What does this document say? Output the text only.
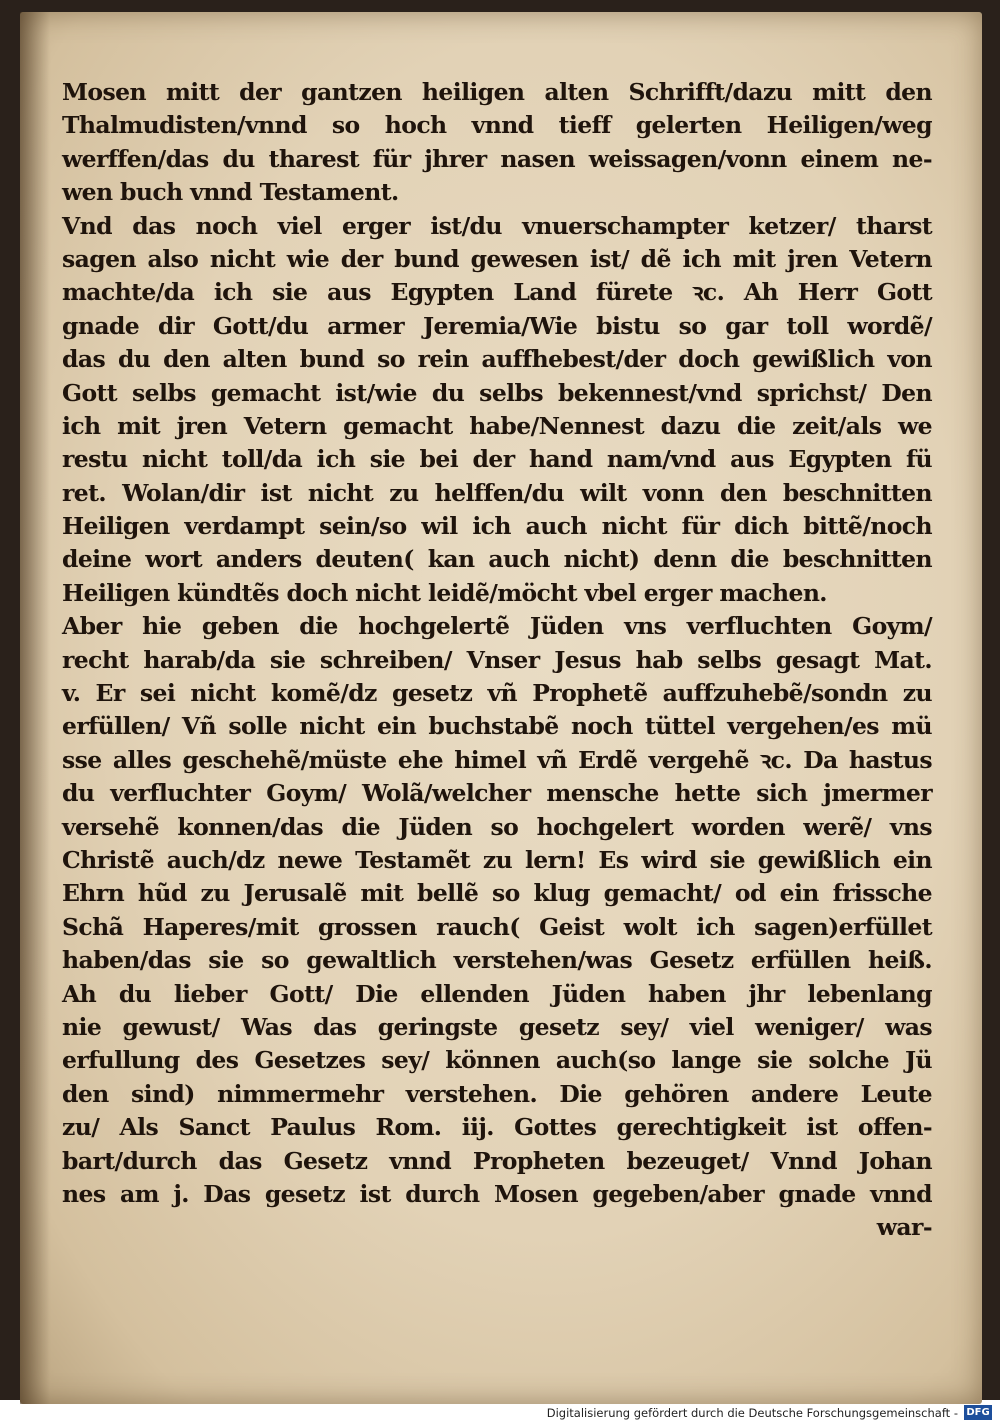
Mosen mitt der gantzen heiligen alten Schrifft/dazu mitt den
Thalmudisten/vnnd so hoch vnnd tieff gelerten Heiligen/weg
werffen/das du tharest für jhrer nasen weissagen/vonn einem ne-
wen buch vnnd Testament.
Vnd das noch viel erger ist/du vnuerschampter ketzer/ tharst
sagen also nicht wie der bund gewesen ist/ dẽ ich mit jren Vetern
machte/da ich sie aus Egypten Land fürete ꝛc. Ah Herr Gott
gnade dir Gott/du armer Jeremia/Wie bistu so gar toll wordẽ/
das du den alten bund so rein auffhebest/der doch gewißlich von
Gott selbs gemacht ist/wie du selbs bekennest/vnd sprichst/ Den
ich mit jren Vetern gemacht habe/Nennest dazu die zeit/als we
restu nicht toll/da ich sie bei der hand nam/vnd aus Egypten fü
ret. Wolan/dir ist nicht zu helffen/du wilt vonn den beschnitten
Heiligen verdampt sein/so wil ich auch nicht für dich bittẽ/noch
deine wort anders deuten( kan auch nicht) denn die beschnitten
Heiligen kündtẽs doch nicht leidẽ/möcht vbel erger machen.
Aber hie geben die hochgelertẽ Jüden vns verfluchten Goym/
recht harab/da sie schreiben/ Vnser Jesus hab selbs gesagt Mat.
v. Er sei nicht komẽ/dz gesetz vñ Prophetẽ auffzuhebẽ/sondn zu
erfüllen/ Vñ solle nicht ein buchstabẽ noch tüttel vergehen/es mü
sse alles geschehẽ/müste ehe himel vñ Erdẽ vergehẽ ꝛc. Da hastus
du verfluchter Goym/ Wolã/welcher mensche hette sich jmermer
versehẽ konnen/das die Jüden so hochgelert worden werẽ/ vns
Christẽ auch/dz newe Testamẽt zu lern! Es wird sie gewißlich ein
Ehrn hũd zu Jerusalẽ mit bellẽ so klug gemacht/ od ein frissche
Schã Haperes/mit grossen rauch( Geist wolt ich sagen)erfüllet
haben/das sie so gewaltlich verstehen/was Gesetz erfüllen heiß.
Ah du lieber Gott/ Die ellenden Jüden haben jhr lebenlang
nie gewust/ Was das geringste gesetz sey/ viel weniger/ was
erfullung des Gesetzes sey/ können auch(so lange sie solche Jü
den sind) nimmermehr verstehen. Die gehören andere Leute
zu/ Als Sanct Paulus Rom. iij. Gottes gerechtigkeit ist offen-
bart/durch das Gesetz vnnd Propheten bezeuget/ Vnnd Johan
nes am j. Das gesetz ist durch Mosen gegeben/aber gnade vnnd
war-
Digitalisierung gefördert durch die Deutsche Forschungsgemeinschaft - DFG
